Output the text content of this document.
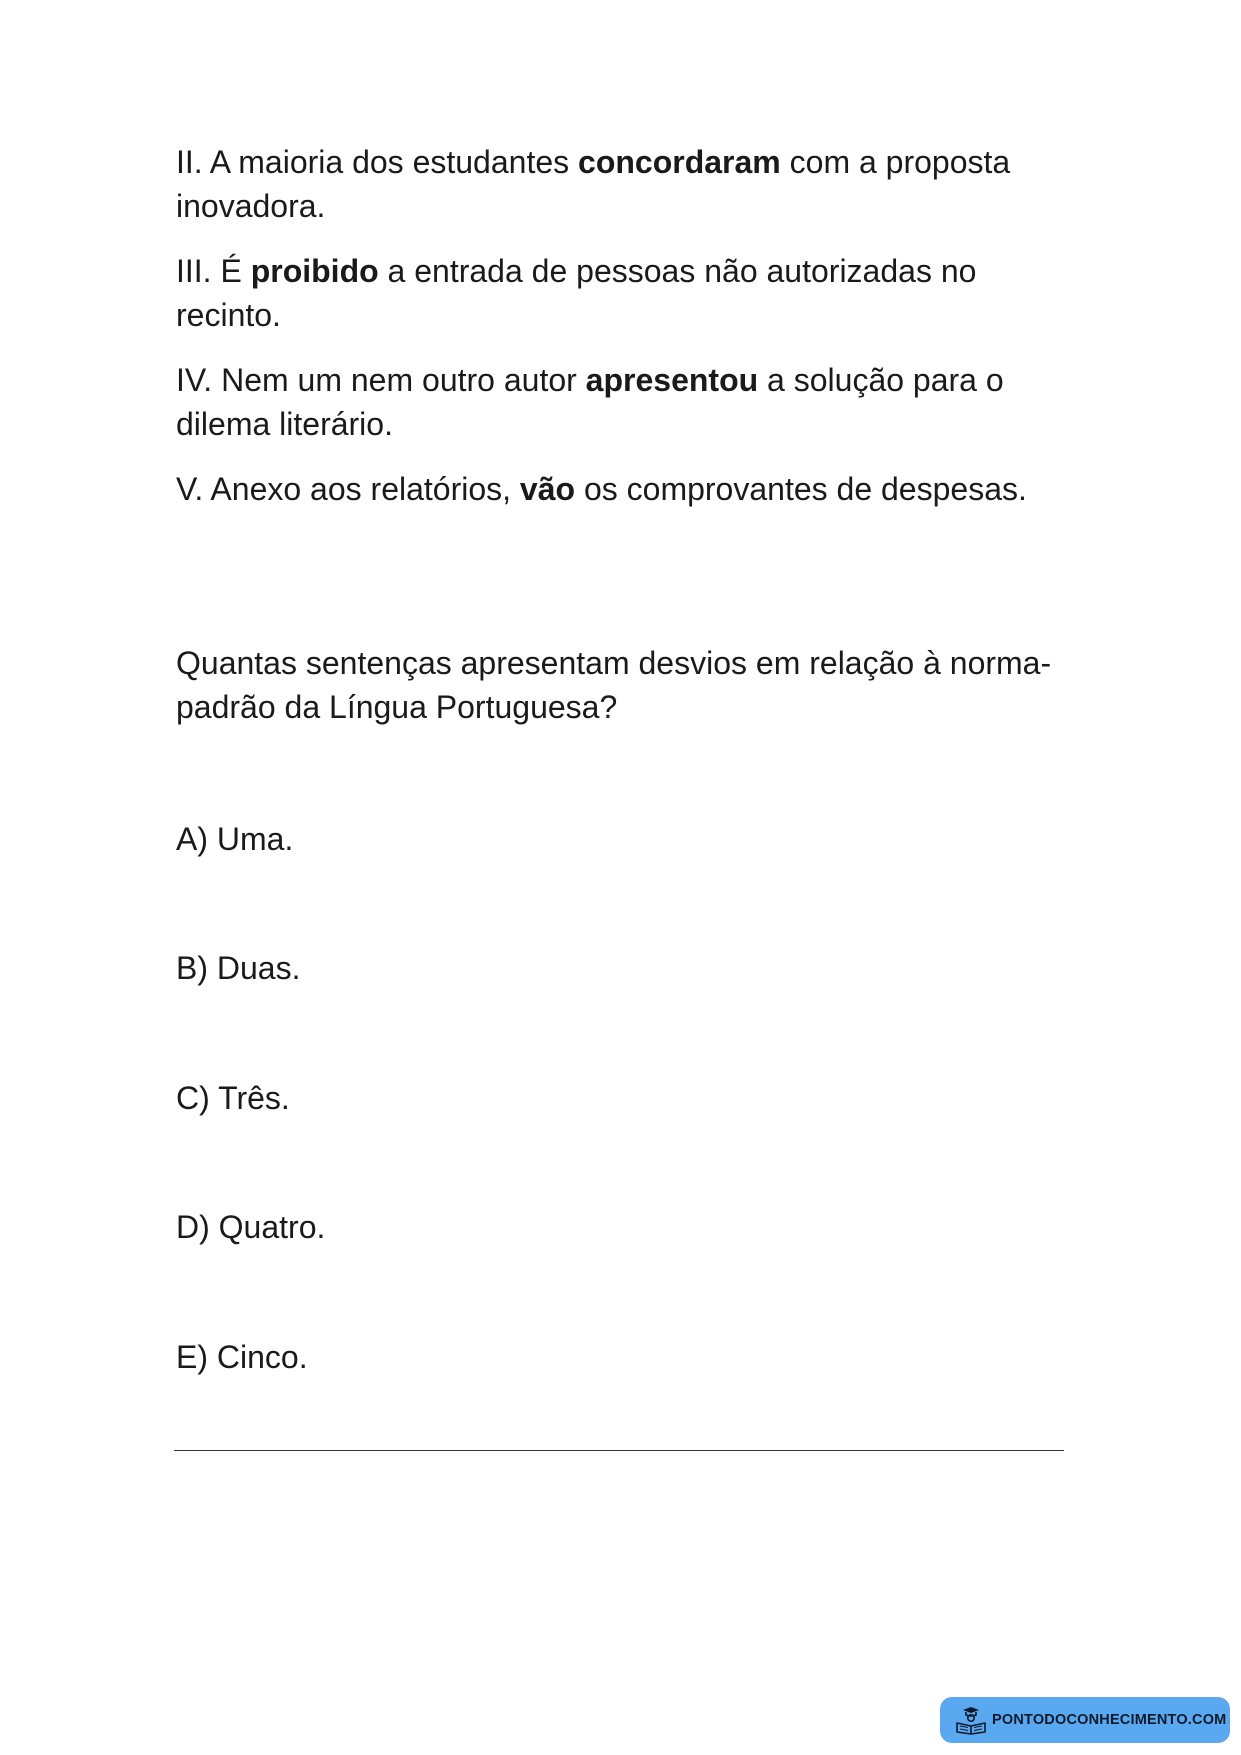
II. A maioria dos estudantes concordaram com a proposta inovadora.

III. É proibido a entrada de pessoas não autorizadas no recinto.

IV. Nem um nem outro autor apresentou a solução para o dilema literário.

V. Anexo aos relatórios, vão os comprovantes de despesas.

Quantas sentenças apresentam desvios em relação à norma-padrão da Língua Portuguesa?

A) Uma.

B) Duas.

C) Três.

D) Quatro.

E) Cinco.

PONTODOCONHECIMENTO.COM
